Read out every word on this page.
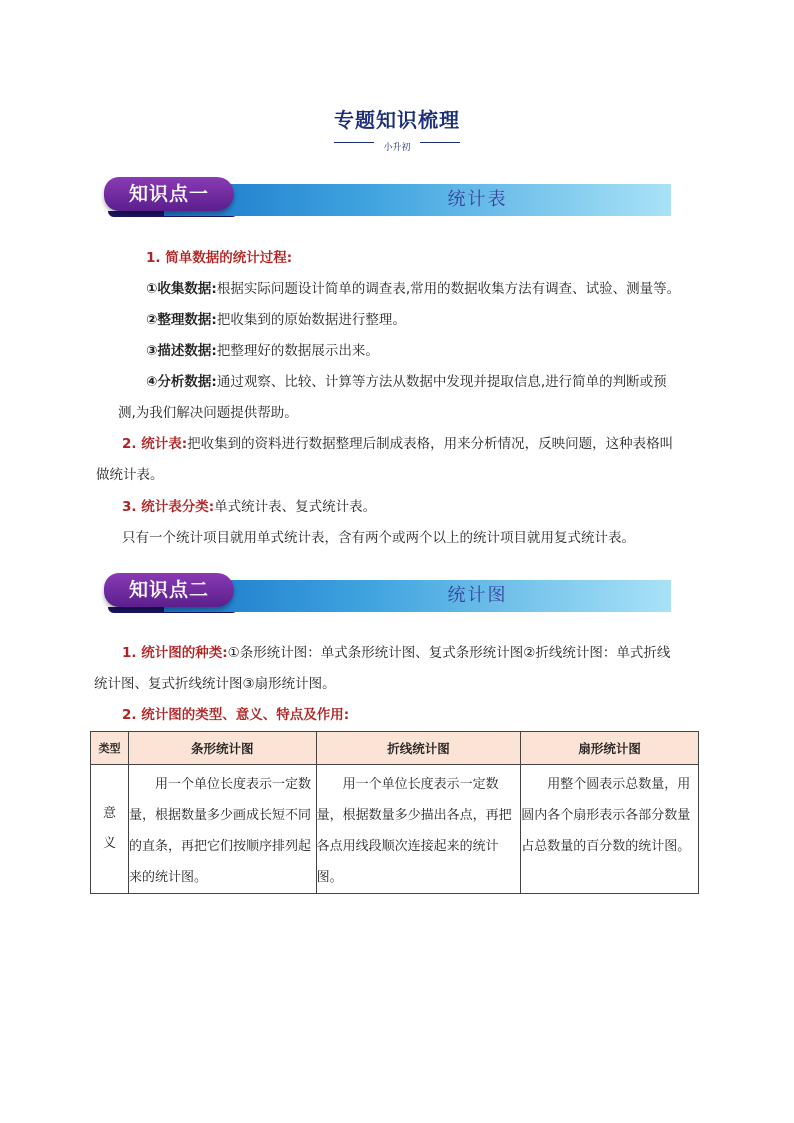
专题知识梳理
小升初
统计表
知识点一
1. 简单数据的统计过程:
①收集数据:根据实际问题设计简单的调查表,常用的数据收集方法有调查、试验、测量等。
②整理数据:把收集到的原始数据进行整理。
③描述数据:把整理好的数据展示出来。
④分析数据:通过观察、比较、计算等方法从数据中发现并提取信息,进行简单的判断或预
测,为我们解决问题提供帮助。
2. 统计表:把收集到的资料进行数据整理后制成表格，用来分析情况，反映问题，这种表格叫
做统计表。
3. 统计表分类:单式统计表、复式统计表。
只有一个统计项目就用单式统计表，含有两个或两个以上的统计项目就用复式统计表。
统计图
知识点二
1. 统计图的种类:①条形统计图：单式条形统计图、复式条形统计图②折线统计图：单式折线
统计图、复式折线统计图③扇形统计图。
2. 统计图的类型、意义、特点及作用:
类型	条形统计图	折线统计图	扇形统计图

意
义	用一个单位长度表示一定数量，根据数量多少画成长短不同的直条，再把它们按顺序排列起来的统计图。	用一个单位长度表示一定数量，根据数量多少描出各点，再把各点用线段顺次连接起来的统计图。	用整个圆表示总数量，用圆内各个扇形表示各部分数量占总数量的百分数的统计图。
